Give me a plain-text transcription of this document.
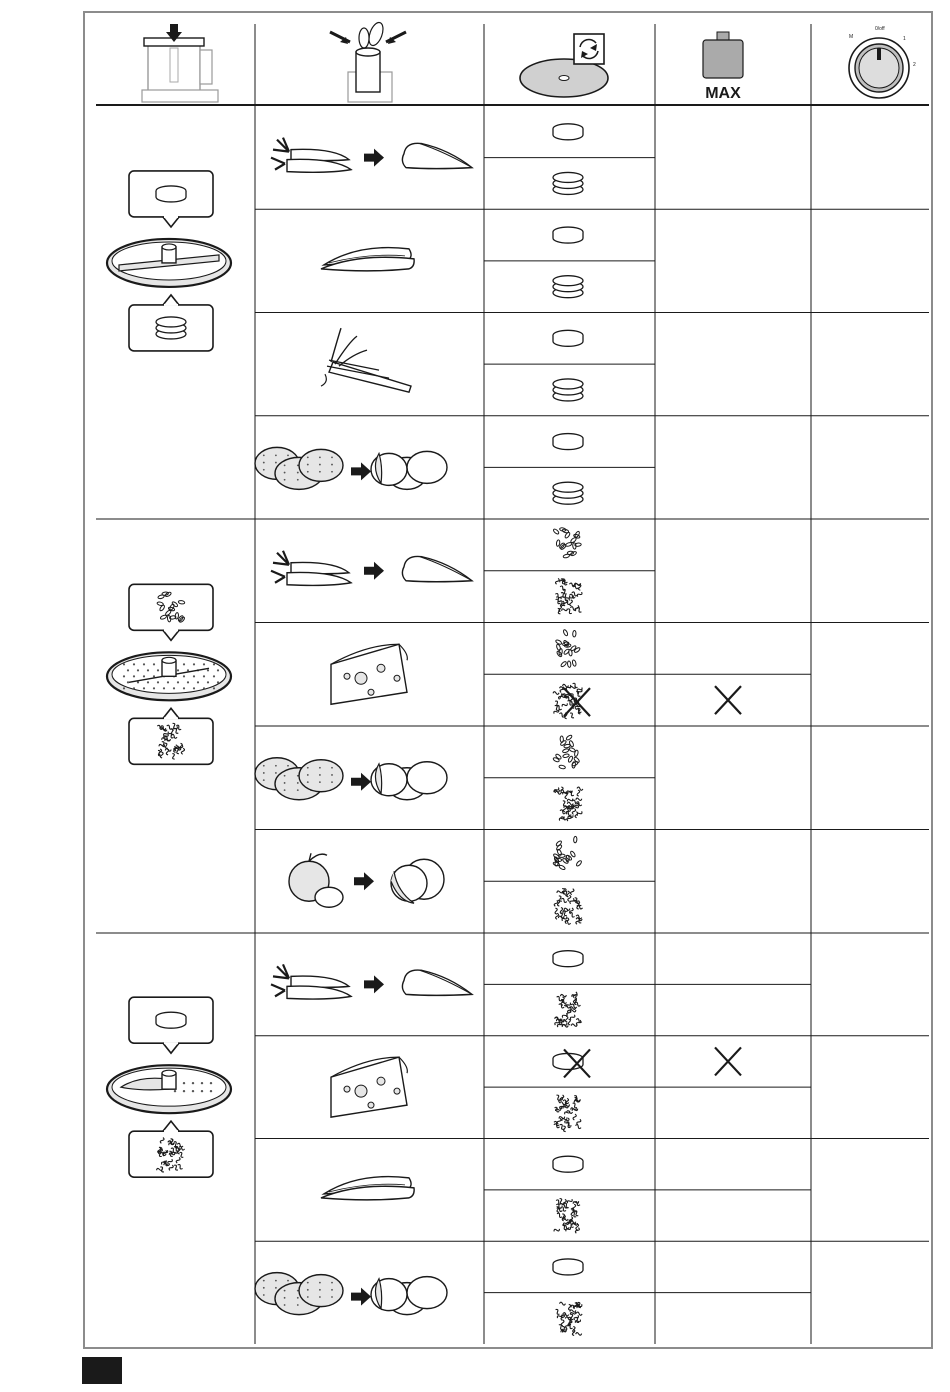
MAX
M
0/off
1
2
